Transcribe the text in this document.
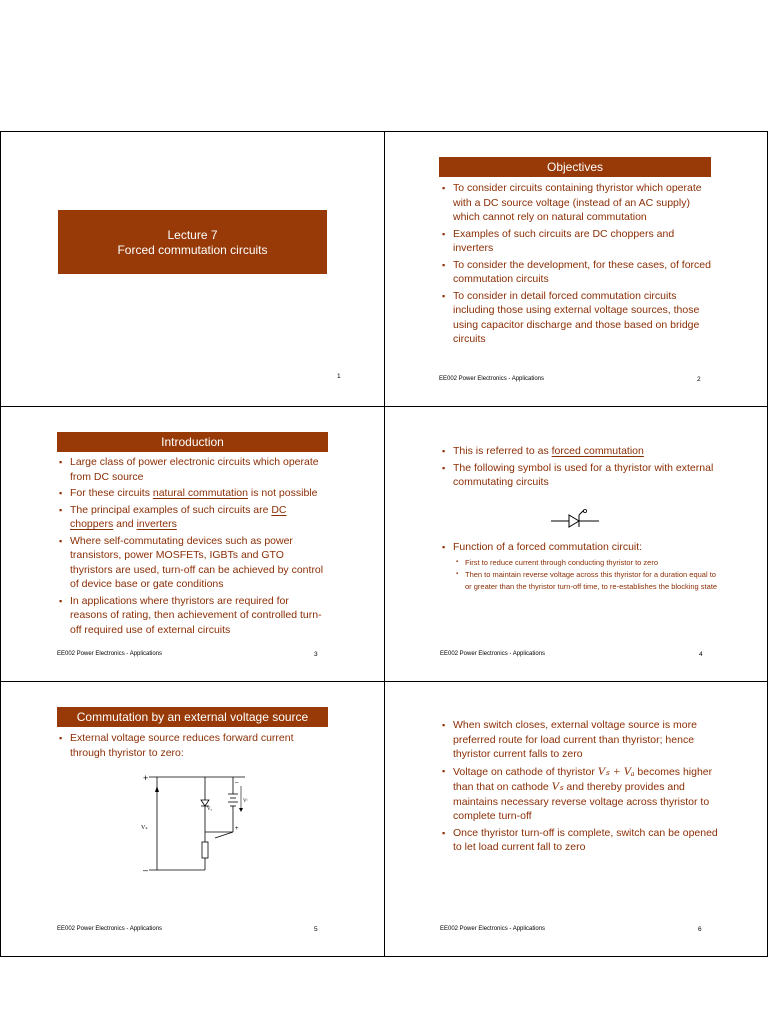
Lecture 7
Forced commutation circuits
1
Objectives
▪ To consider circuits containing thyristor which operate with a DC source voltage (instead of an AC supply) which cannot rely on natural commutation
▪ Examples of such circuits are DC choppers and inverters
▪ To consider the development, for these cases, of forced commutation circuits
▪ To consider in detail forced commutation circuits including those using external voltage sources, those using capacitor discharge and those based on bridge circuits
EE002 Power Electronics - Applications	2
Introduction
▪ Large class of power electronic circuits which operate from DC source
▪ For these circuits natural commutation is not possible
▪ The principal examples of such circuits are DC choppers and inverters
▪ Where self-commutating devices such as power transistors, power MOSFETs, IGBTs and GTO thyristors are used, turn-off can be achieved by control of device base or gate conditions
▪ In applications where thyristors are required for reasons of rating, then achievement of controlled turn-off required use of external circuits
EE002 Power Electronics - Applications	3
▪ This is referred to as forced commutation
▪ The following symbol is used for a thyristor with external commutating circuits
▪ Function of a forced commutation circuit:
▪ First to reduce current through conducting thyristor to zero
▪ Then to maintain reverse voltage across this thyristor for a duration equal to or greater than the thyristor turn-off time, to re-establishes the blocking state
EE002 Power Electronics - Applications	4
Commutation by an external voltage source
▪ External voltage source reduces forward current through thyristor to zero:
+
Vₛ
–
Vₐ
Vᶜ
–
+
EE002 Power Electronics - Applications	5
▪ When switch closes, external voltage source is more preferred route for load current than thyristor; hence thyristor current falls to zero
▪ Voltage on cathode of thyristor Vₛ + Vₐ becomes higher than that on cathode Vₛ and thereby provides and maintains necessary reverse voltage across thyristor to complete turn-off
▪ Once thyristor turn-off is complete, switch can be opened to let load current fall to zero
EE002 Power Electronics - Applications	6
